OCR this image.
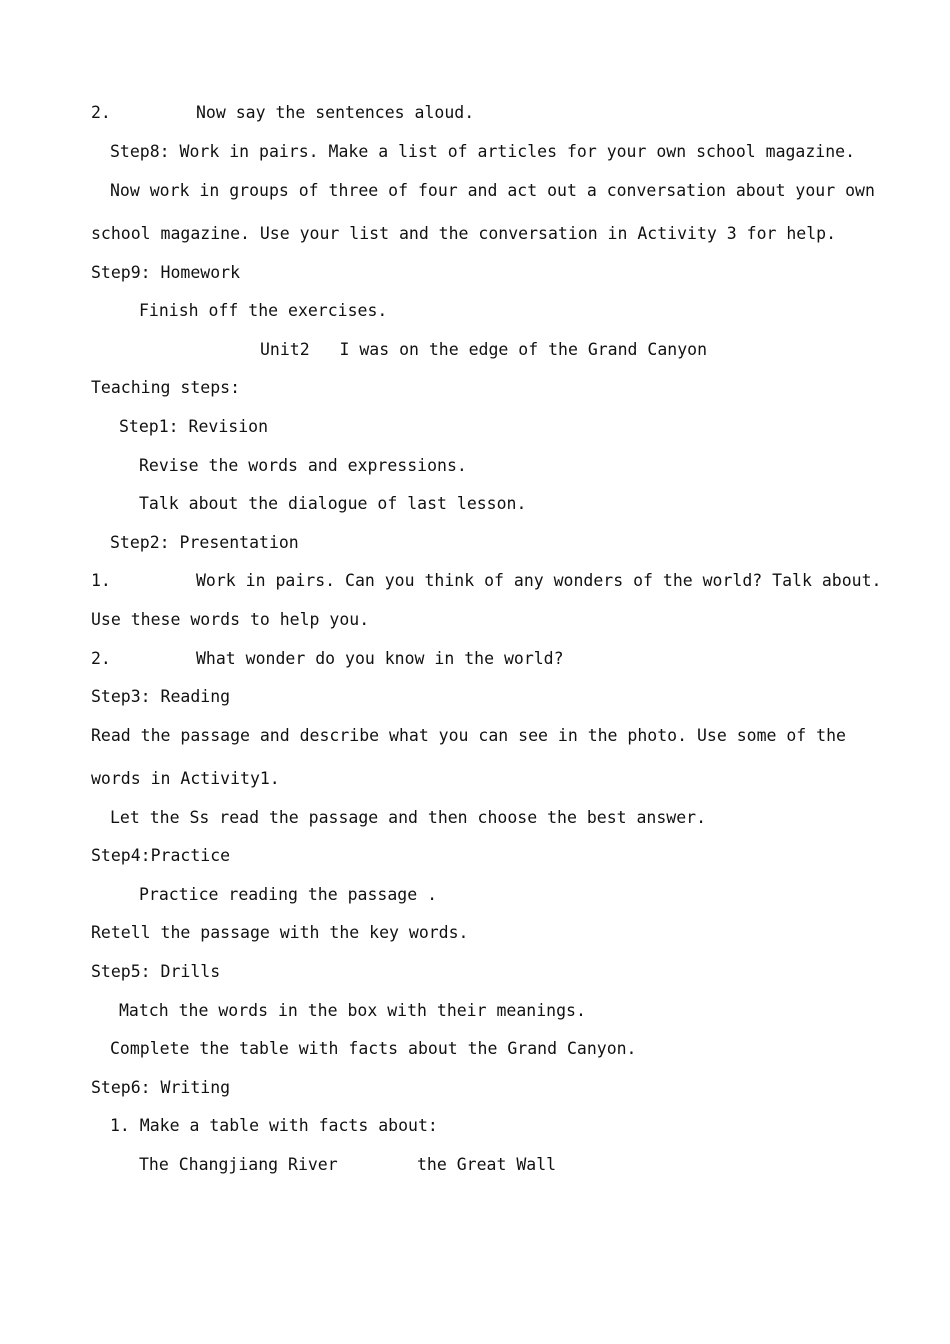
2.	Now say the sentences aloud.
Step8: Work in pairs. Make a list of articles for your own school magazine.
Now work in groups of three of four and act out a conversation about your own
school magazine. Use your list and the conversation in Activity 3 for help.
Step9: Homework
Finish off the exercises.
Unit2   I was on the edge of the Grand Canyon
Teaching steps:
Step1: Revision
Revise the words and expressions.
Talk about the dialogue of last lesson.
Step2: Presentation
1.	Work in pairs. Can you think of any wonders of the world? Talk about.
Use these words to help you.
2.	What wonder do you know in the world?
Step3: Reading
Read the passage and describe what you can see in the photo. Use some of the
words in Activity1.
Let the Ss read the passage and then choose the best answer.
Step4:Practice
Practice reading the passage .
Retell the passage with the key words.
Step5: Drills
Match the words in the box with their meanings.
Complete the table with facts about the Grand Canyon.
Step6: Writing
1. Make a table with facts about:
The Changjiang River	the Great Wall
